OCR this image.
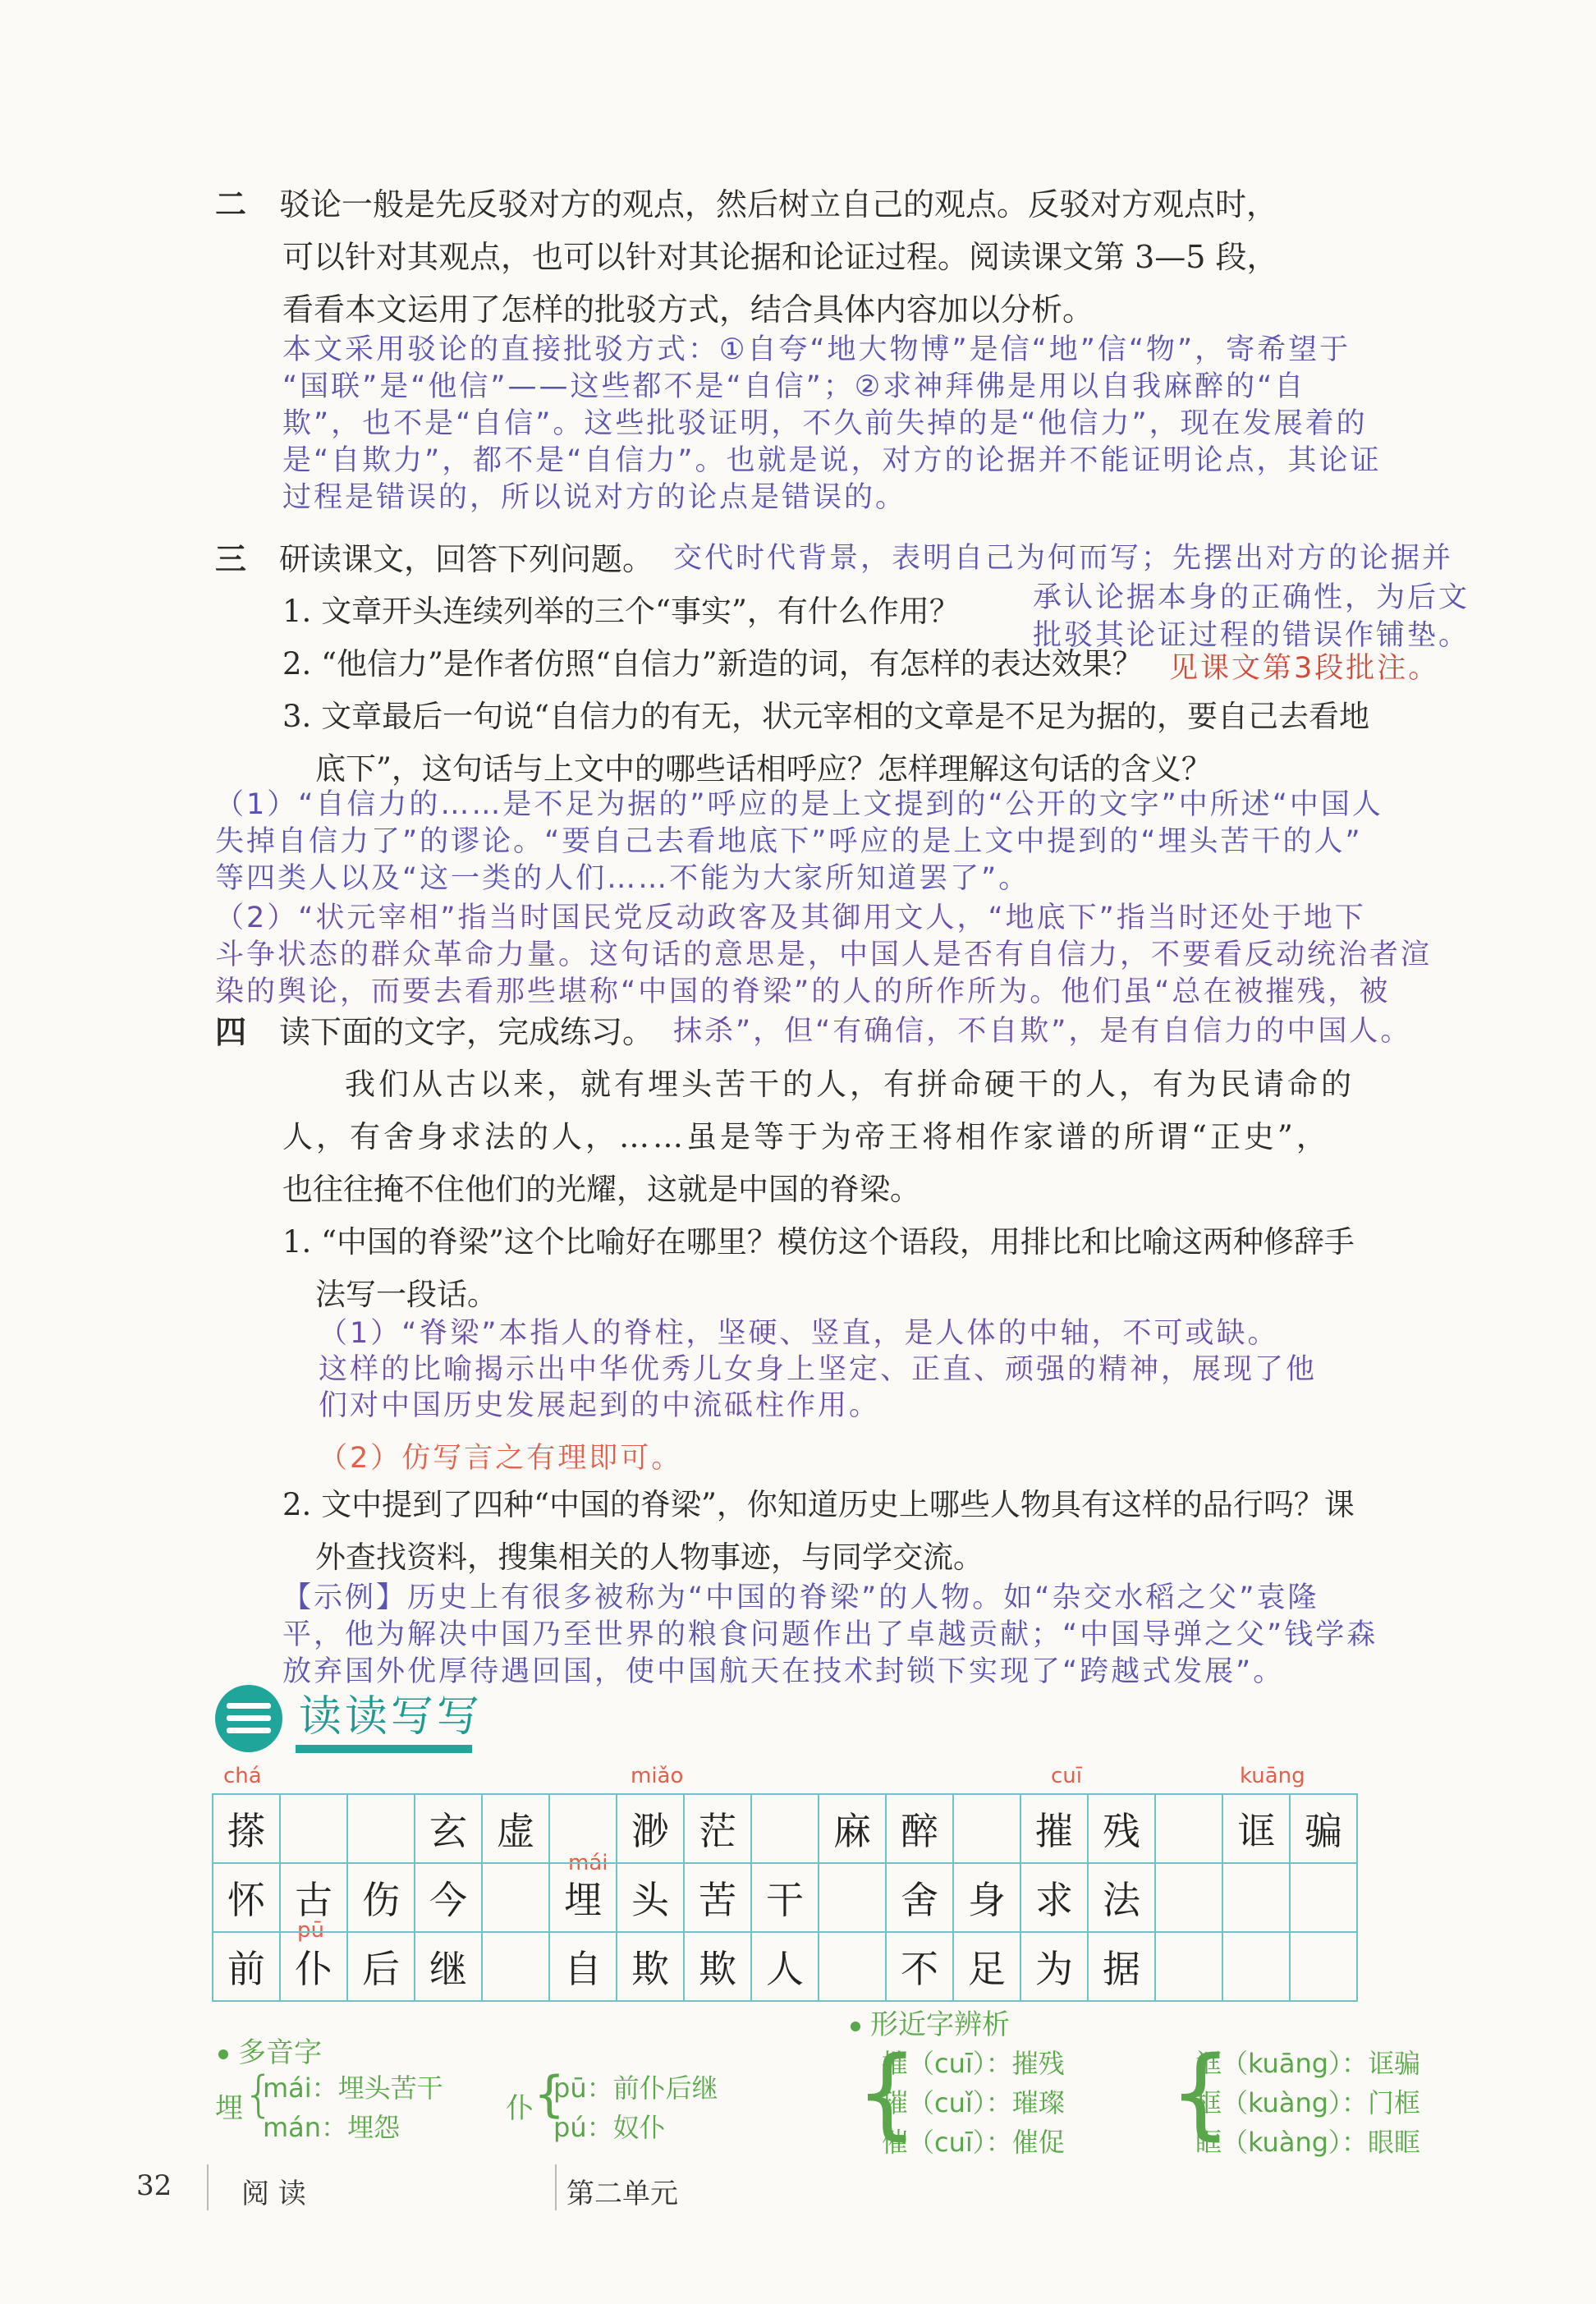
二 驳论一般是先反驳对方的观点，然后树立自己的观点。反驳对方观点时，
可以针对其观点，也可以针对其论据和论证过程。阅读课文第 3—5 段，
看看本文运用了怎样的批驳方式，结合具体内容加以分析。
本文采用驳论的直接批驳方式：①自夸“地大物博”是信“地”信“物”，寄希望于
“国联”是“他信”——这些都不是“自信”；②求神拜佛是用以自我麻醉的“自
欺”，也不是“自信”。这些批驳证明，不久前失掉的是“他信力”，现在发展着的
是“自欺力”，都不是“自信力”。也就是说，对方的论据并不能证明论点，其论证
过程是错误的，所以说对方的论点是错误的。
三 研读课文，回答下列问题。 交代时代背景，表明自己为何而写；先摆出对方的论据并
承认论据本身的正确性，为后文
批驳其论证过程的错误作铺垫。
1. 文章开头连续列举的三个“事实”，有什么作用？
2. “他信力”是作者仿照“自信力”新造的词，有怎样的表达效果？ 见课文第3段批注。
3. 文章最后一句说“自信力的有无，状元宰相的文章是不足为据的，要自己去看地
底下”，这句话与上文中的哪些话相呼应？怎样理解这句话的含义？
（1）“自信力的……是不足为据的”呼应的是上文提到的“公开的文字”中所述“中国人
失掉自信力了”的谬论。“要自己去看地底下”呼应的是上文中提到的“埋头苦干的人”
等四类人以及“这一类的人们……不能为大家所知道罢了”。
（2）“状元宰相”指当时国民党反动政客及其御用文人，“地底下”指当时还处于地下
斗争状态的群众革命力量。这句话的意思是，中国人是否有自信力，不要看反动统治者渲
染的舆论，而要去看那些堪称“中国的脊梁”的人的所作所为。他们虽“总在被摧残，被
抹杀”，但“有确信，不自欺”，是有自信力的中国人。
四 读下面的文字，完成练习。
我们从古以来，就有埋头苦干的人，有拼命硬干的人，有为民请命的
人，有舍身求法的人，……虽是等于为帝王将相作家谱的所谓“正史”，
也往往掩不住他们的光耀，这就是中国的脊梁。
1. “中国的脊梁”这个比喻好在哪里？模仿这个语段，用排比和比喻这两种修辞手
法写一段话。
（1）“脊梁”本指人的脊柱，坚硬、竖直，是人体的中轴，不可或缺。
这样的比喻揭示出中华优秀儿女身上坚定、正直、顽强的精神，展现了他
们对中国历史发展起到的中流砥柱作用。
（2）仿写言之有理即可。
2. 文中提到了四种“中国的脊梁”，你知道历史上哪些人物具有这样的品行吗？课
外查找资料，搜集相关的人物事迹，与同学交流。
【示例】历史上有很多被称为“中国的脊梁”的人物。如“杂交水稻之父”袁隆
平，他为解决中国乃至世界的粮食问题作出了卓越贡献；“中国导弹之父”钱学森
放弃国外优厚待遇回国，使中国航天在技术封锁下实现了“跨越式发展”。
读读写写
chá	miǎo	cuī	kuāng
mái
pū
搽			玄	虚		渺	茫		麻	醉		摧	残		诓	骗
怀	古	伤	今		埋	头	苦	干		舍	身	求	法			
前	仆	后	继		自	欺	欺	人		不	足	为	据			
多音字
埋 {
mái：埋头苦干
mán：埋怨
仆 {
pū：前仆后继
pú：奴仆
形近字辨析
{
摧（cuī）：摧残
璀（cuǐ）：璀璨
催（cuī）：催促 {
诓（kuāng）：诓骗
框（kuàng）：门框
眶（kuàng）：眼眶
32 阅 读	第二单元
